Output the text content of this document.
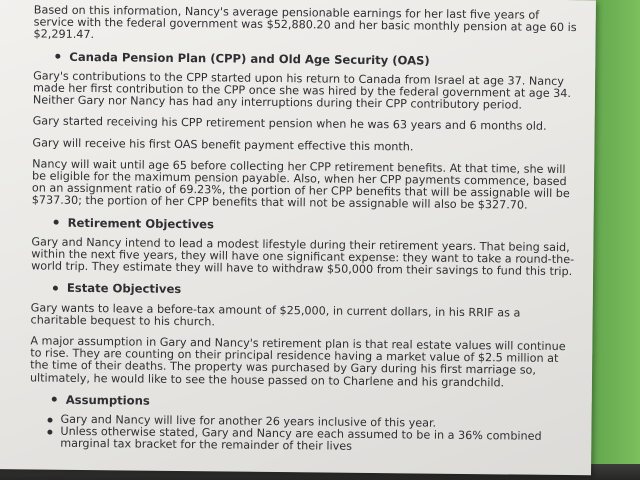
Based on this information, Nancy's average pensionable earnings for her last five years of service with the federal government was $52,880.20 and her basic monthly pension at age 60 is $2,291.47.

Canada Pension Plan (CPP) and Old Age Security (OAS)

Gary's contributions to the CPP started upon his return to Canada from Israel at age 37. Nancy made her first contribution to the CPP once she was hired by the federal government at age 34. Neither Gary nor Nancy has had any interruptions during their CPP contributory period.

Gary started receiving his CPP retirement pension when he was 63 years and 6 months old.

Gary will receive his first OAS benefit payment effective this month.

Nancy will wait until age 65 before collecting her CPP retirement benefits. At that time, she will be eligible for the maximum pension payable. Also, when her CPP payments commence, based on an assignment ratio of 69.23%, the portion of her CPP benefits that will be assignable will be $737.30; the portion of her CPP benefits that will not be assignable will also be $327.70.

Retirement Objectives

Gary and Nancy intend to lead a modest lifestyle during their retirement years. That being said, within the next five years, they will have one significant expense: they want to take a round-the-world trip. They estimate they will have to withdraw $50,000 from their savings to fund this trip.

Estate Objectives

Gary wants to leave a before-tax amount of $25,000, in current dollars, in his RRIF as a charitable bequest to his church.

A major assumption in Gary and Nancy's retirement plan is that real estate values will continue to rise. They are counting on their principal residence having a market value of $2.5 million at the time of their deaths. The property was purchased by Gary during his first marriage so, ultimately, he would like to see the house passed on to Charlene and his grandchild.

Assumptions
Gary and Nancy will live for another 26 years inclusive of this year.
Unless otherwise stated, Gary and Nancy are each assumed to be in a 36% combined marginal tax bracket for the remainder of their lives
